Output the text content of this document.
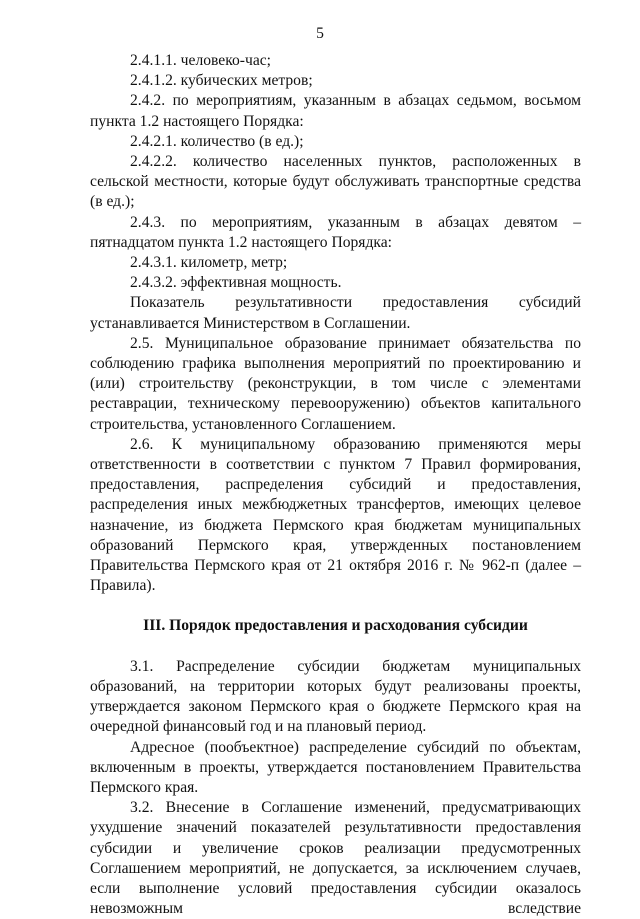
5

2.4.1.1. человеко-час;

2.4.1.2. кубических метров;

2.4.2. по мероприятиям, указанным в абзацах седьмом, восьмом пункта 1.2 настоящего Порядка:

2.4.2.1. количество (в ед.);

2.4.2.2. количество населенных пунктов, расположенных в сельской местности, которые будут обслуживать транспортные средства (в ед.);

2.4.3. по мероприятиям, указанным в абзацах девятом – пятнадцатом пункта 1.2 настоящего Порядка:

2.4.3.1. километр, метр;

2.4.3.2. эффективная мощность.

Показатель результативности предоставления субсидий устанавливается Министерством в Соглашении.

2.5. Муниципальное образование принимает обязательства по соблюдению графика выполнения мероприятий по проектированию и (или) строительству (реконструкции, в том числе с элементами реставрации, техническому перевооружению) объектов капитального строительства, установленного Соглашением.

2.6. К муниципальному образованию применяются меры ответственности в соответствии с пунктом 7 Правил формирования, предоставления, распределения субсидий и предоставления, распределения иных межбюджетных трансфертов, имеющих целевое назначение, из бюджета Пермского края бюджетам муниципальных образований Пермского края, утвержденных постановлением Правительства Пермского края от 21 октября 2016 г. № 962-п (далее – Правила).

III. Порядок предоставления и расходования субсидии

3.1. Распределение субсидии бюджетам муниципальных образований, на территории которых будут реализованы проекты, утверждается законом Пермского края о бюджете Пермского края на очередной финансовый год и на плановый период.

Адресное (пообъектное) распределение субсидий по объектам, включенным в проекты, утверждается постановлением Правительства Пермского края.

3.2. Внесение в Соглашение изменений, предусматривающих ухудшение значений показателей результативности предоставления субсидии и увеличение сроков реализации предусмотренных Соглашением мероприятий, не допускается, за исключением случаев, если выполнение условий предоставления субсидии оказалось невозможным вследствие
